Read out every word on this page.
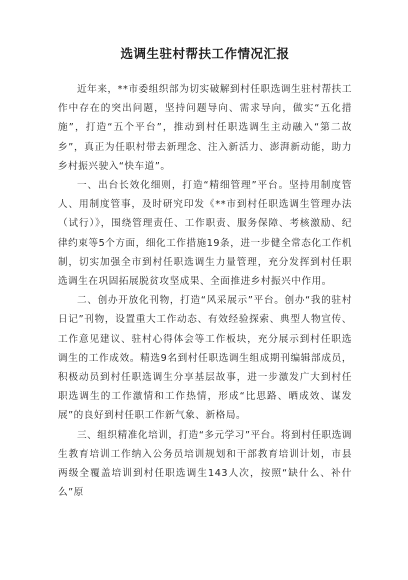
选调生驻村帮扶工作情况汇报

近年来，**市委组织部为切实破解到村任职选调生驻村帮扶工作中存在的突出问题，坚持问题导向、需求导向，做实“五化措施”，打造“五个平台”，推动到村任职选调生主动融入“第二故乡”，真正为任职村带去新理念、注入新活力、澎湃新动能，助力乡村振兴驶入“快车道”。

一、出台长效化细则，打造“精细管理”平台。坚持用制度管人、用制度管事，及时研究印发《**市到村任职选调生管理办法（试行）》，围绕管理责任、工作职责、服务保障、考核激励、纪律约束等5个方面，细化工作措施19条，进一步健全常态化工作机制，切实加强全市到村任职选调生力量管理，充分发挥到村任职选调生在巩固拓展脱贫攻坚成果、全面推进乡村振兴中作用。

二、创办开放化刊物，打造“风采展示”平台。创办“我的驻村日记”刊物，设置重大工作动态、有效经验探索、典型人物宣传、工作意见建议、驻村心得体会等工作板块，充分展示到村任职选调生的工作成效。精选9名到村任职选调生组成期刊编辑部成员，积极动员到村任职选调生分享基层故事，进一步激发广大到村任职选调生的工作激情和工作热情，形成“比思路、晒成效、谋发展”的良好到村任职工作新气象、新格局。

三、组织精准化培训，打造“多元学习”平台。将到村任职选调生教育培训工作纳入公务员培训规划和干部教育培训计划，市县两级全覆盖培训到村任职选调生143人次，按照“缺什么、补什么”原
